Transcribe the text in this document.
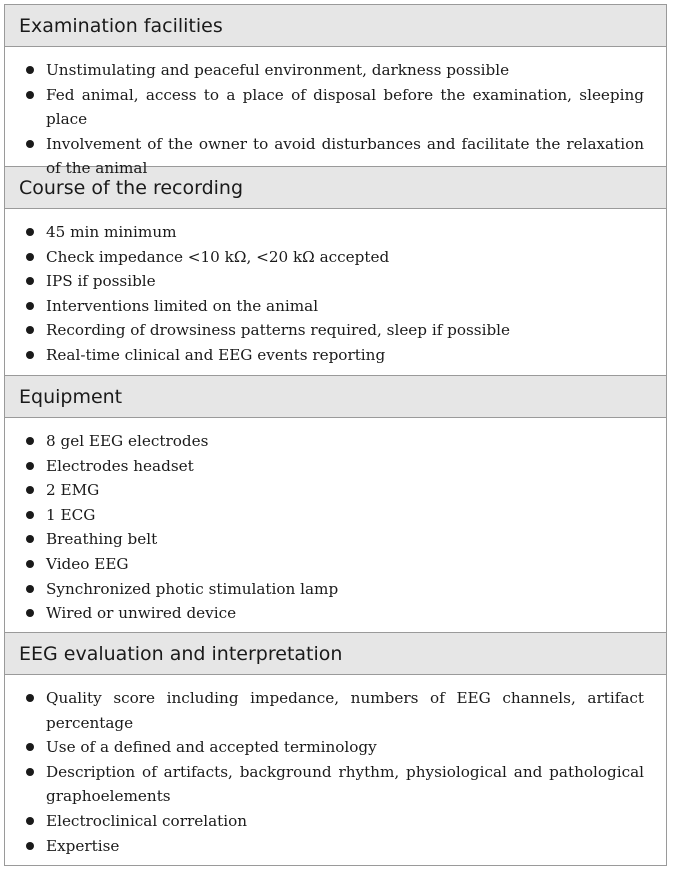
Examination facilities
Unstimulating and peaceful environment, darkness possible
Fed animal, access to a place of disposal before the examination, sleeping place
Involvement of the owner to avoid disturbances and facilitate the relaxation of the animal
Course of the recording
45 min minimum
Check impedance <10 kΩ, <20 kΩ accepted
IPS if possible
Interventions limited on the animal
Recording of drowsiness patterns required, sleep if possible
Real-time clinical and EEG events reporting
Equipment
8 gel EEG electrodes
Electrodes headset
2 EMG
1 ECG
Breathing belt
Video EEG
Synchronized photic stimulation lamp
Wired or unwired device
EEG evaluation and interpretation
Quality score including impedance, numbers of EEG channels, artifact percentage
Use of a defined and accepted terminology
Description of artifacts, background rhythm, physiological and pathological graphoelements
Electroclinical correlation
Expertise
